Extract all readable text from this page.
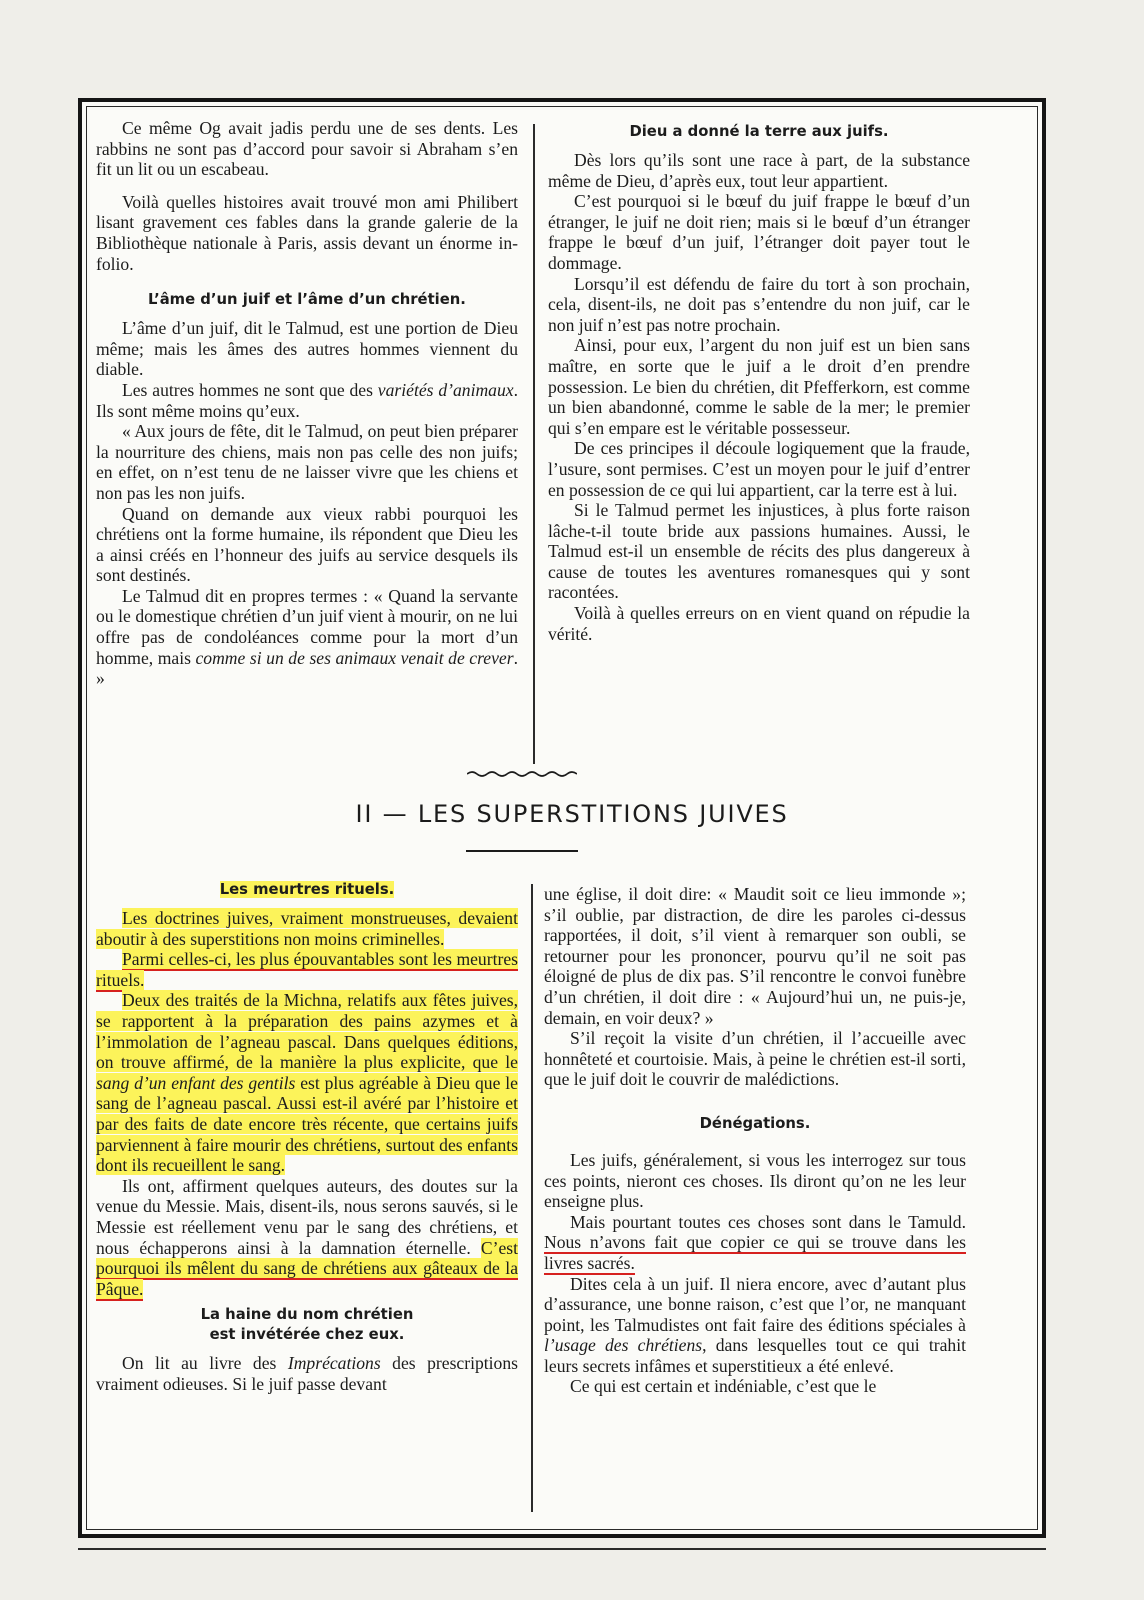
Ce même Og avait jadis perdu une de ses dents. Les rabbins ne sont pas d’accord pour savoir si Abraham s’en fit un lit ou un escabeau.

Voilà quelles histoires avait trouvé mon ami Philibert lisant gravement ces fables dans la grande galerie de la Bibliothèque nationale à Paris, assis devant un énorme in-folio.

L’âme d’un juif et l’âme d’un chrétien.

L’âme d’un juif, dit le Talmud, est une portion de Dieu même; mais les âmes des autres hommes viennent du diable.

Les autres hommes ne sont que des variétés d’animaux. Ils sont même moins qu’eux.

« Aux jours de fête, dit le Talmud, on peut bien préparer la nourriture des chiens, mais non pas celle des non juifs; en effet, on n’est tenu de ne laisser vivre que les chiens et non pas les non juifs.

Quand on demande aux vieux rabbi pourquoi les chrétiens ont la forme humaine, ils répondent que Dieu les a ainsi créés en l’honneur des juifs au service desquels ils sont destinés.

Le Talmud dit en propres termes : « Quand la servante ou le domestique chrétien d’un juif vient à mourir, on ne lui offre pas de condoléances comme pour la mort d’un homme, mais comme si un de ses animaux venait de crever. »

Dieu a donné la terre aux juifs.

Dès lors qu’ils sont une race à part, de la substance même de Dieu, d’après eux, tout leur appartient.

C’est pourquoi si le bœuf du juif frappe le bœuf d’un étranger, le juif ne doit rien; mais si le bœuf d’un étranger frappe le bœuf d’un juif, l’étranger doit payer tout le dommage.

Lorsqu’il est défendu de faire du tort à son prochain, cela, disent-ils, ne doit pas s’entendre du non juif, car le non juif n’est pas notre prochain.

Ainsi, pour eux, l’argent du non juif est un bien sans maître, en sorte que le juif a le droit d’en prendre possession. Le bien du chrétien, dit Pfefferkorn, est comme un bien abandonné, comme le sable de la mer; le premier qui s’en empare est le véritable possesseur.

De ces principes il découle logiquement que la fraude, l’usure, sont permises. C’est un moyen pour le juif d’entrer en possession de ce qui lui appartient, car la terre est à lui.

Si le Talmud permet les injustices, à plus forte raison lâche-t-il toute bride aux passions humaines. Aussi, le Talmud est-il un ensemble de récits des plus dangereux à cause de toutes les aventures romanesques qui y sont racontées.

Voilà à quelles erreurs on en vient quand on répudie la vérité.

II — LES SUPERSTITIONS JUIVES
Les meurtres rituels.

Les doctrines juives, vraiment monstrueuses, devaient aboutir à des superstitions non moins criminelles.

Parmi celles-ci, les plus épouvantables sont les meurtres rituels.

Deux des traités de la Michna, relatifs aux fêtes juives, se rapportent à la préparation des pains azymes et à l’immolation de l’agneau pascal. Dans quelques éditions, on trouve affirmé, de la manière la plus explicite, que le sang d’un enfant des gentils est plus agréable à Dieu que le sang de l’agneau pascal. Aussi est-il avéré par l’histoire et par des faits de date encore très récente, que certains juifs parviennent à faire mourir des chrétiens, surtout des enfants dont ils recueillent le sang.

Ils ont, affirment quelques auteurs, des doutes sur la venue du Messie. Mais, disent-ils, nous serons sauvés, si le Messie est réellement venu par le sang des chrétiens, et nous échapperons ainsi à la damnation éternelle. C’est pourquoi ils mêlent du sang de chrétiens aux gâteaux de la Pâque.

La haine du nom chrétien
est invétérée chez eux.

On lit au livre des Imprécations des prescriptions vraiment odieuses. Si le juif passe devant

une église, il doit dire: « Maudit soit ce lieu immonde »; s’il oublie, par distraction, de dire les paroles ci-dessus rapportées, il doit, s’il vient à remarquer son oubli, se retourner pour les prononcer, pourvu qu’il ne soit pas éloigné de plus de dix pas. S’il rencontre le convoi funèbre d’un chrétien, il doit dire : « Aujourd’hui un, ne puis-je, demain, en voir deux? »

S’il reçoit la visite d’un chrétien, il l’accueille avec honnêteté et courtoisie. Mais, à peine le chrétien est-il sorti, que le juif doit le couvrir de malédictions.

Dénégations.

Les juifs, généralement, si vous les interrogez sur tous ces points, nieront ces choses. Ils diront qu’on ne les leur enseigne plus.

Mais pourtant toutes ces choses sont dans le Tamuld. Nous n’avons fait que copier ce qui se trouve dans les livres sacrés.

Dites cela à un juif. Il niera encore, avec d’autant plus d’assurance, une bonne raison, c’est que l’or, ne manquant point, les Talmudistes ont fait faire des éditions spéciales à l’usage des chrétiens, dans lesquelles tout ce qui trahit leurs secrets infâmes et superstitieux a été enlevé.

Ce qui est certain et indéniable, c’est que le
